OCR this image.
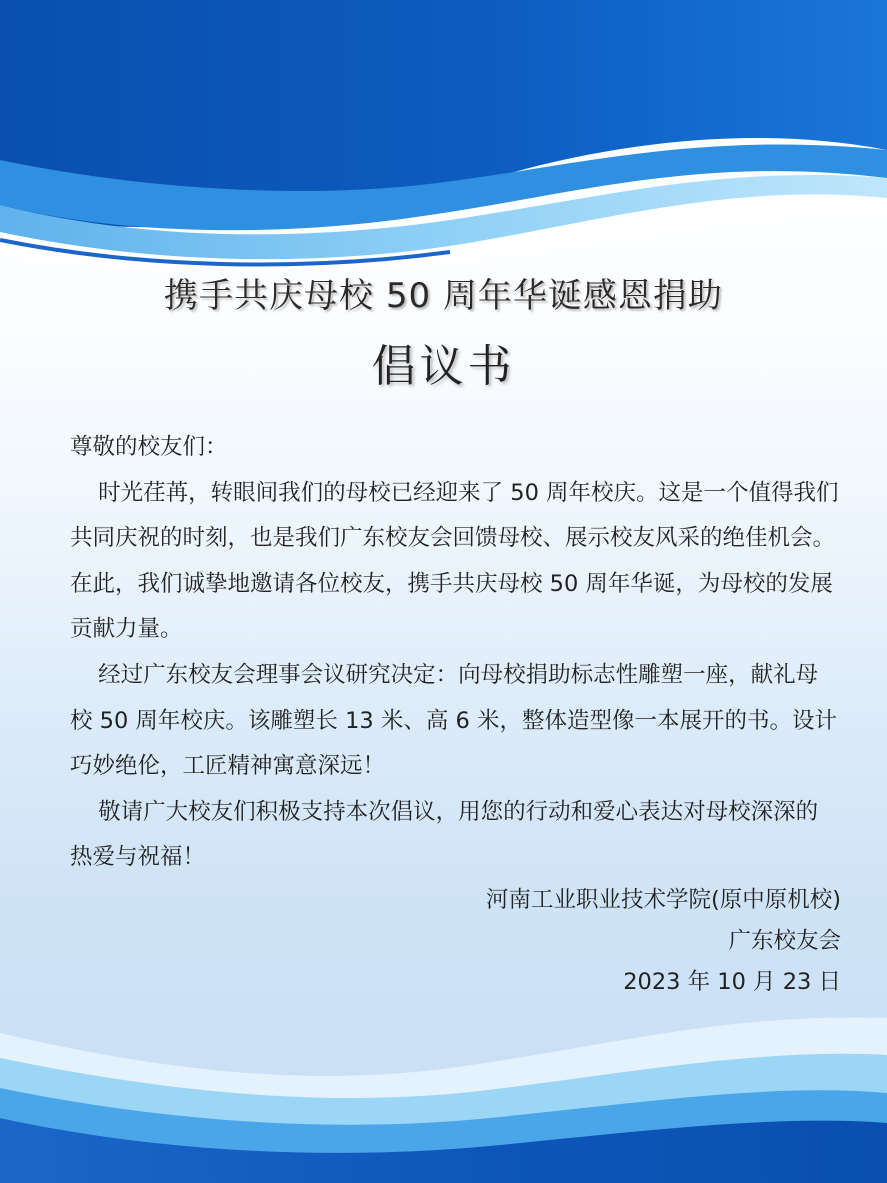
携手共庆母校 50 周年华诞感恩捐助
倡议书

尊敬的校友们：

时光荏苒，转眼间我们的母校已经迎来了 50 周年校庆。这是一个值得我们共同庆祝的时刻，也是我们广东校友会回馈母校、展示校友风采的绝佳机会。在此，我们诚挚地邀请各位校友，携手共庆母校 50 周年华诞，为母校的发展贡献力量。

经过广东校友会理事会议研究决定：向母校捐助标志性雕塑一座，献礼母校 50 周年校庆。该雕塑长 13 米、高 6 米，整体造型像一本展开的书。设计巧妙绝伦，工匠精神寓意深远！

敬请广大校友们积极支持本次倡议，用您的行动和爱心表达对母校深深的热爱与祝福！

河南工业职业技术学院(原中原机校)
广东校友会
2023 年 10 月 23 日
